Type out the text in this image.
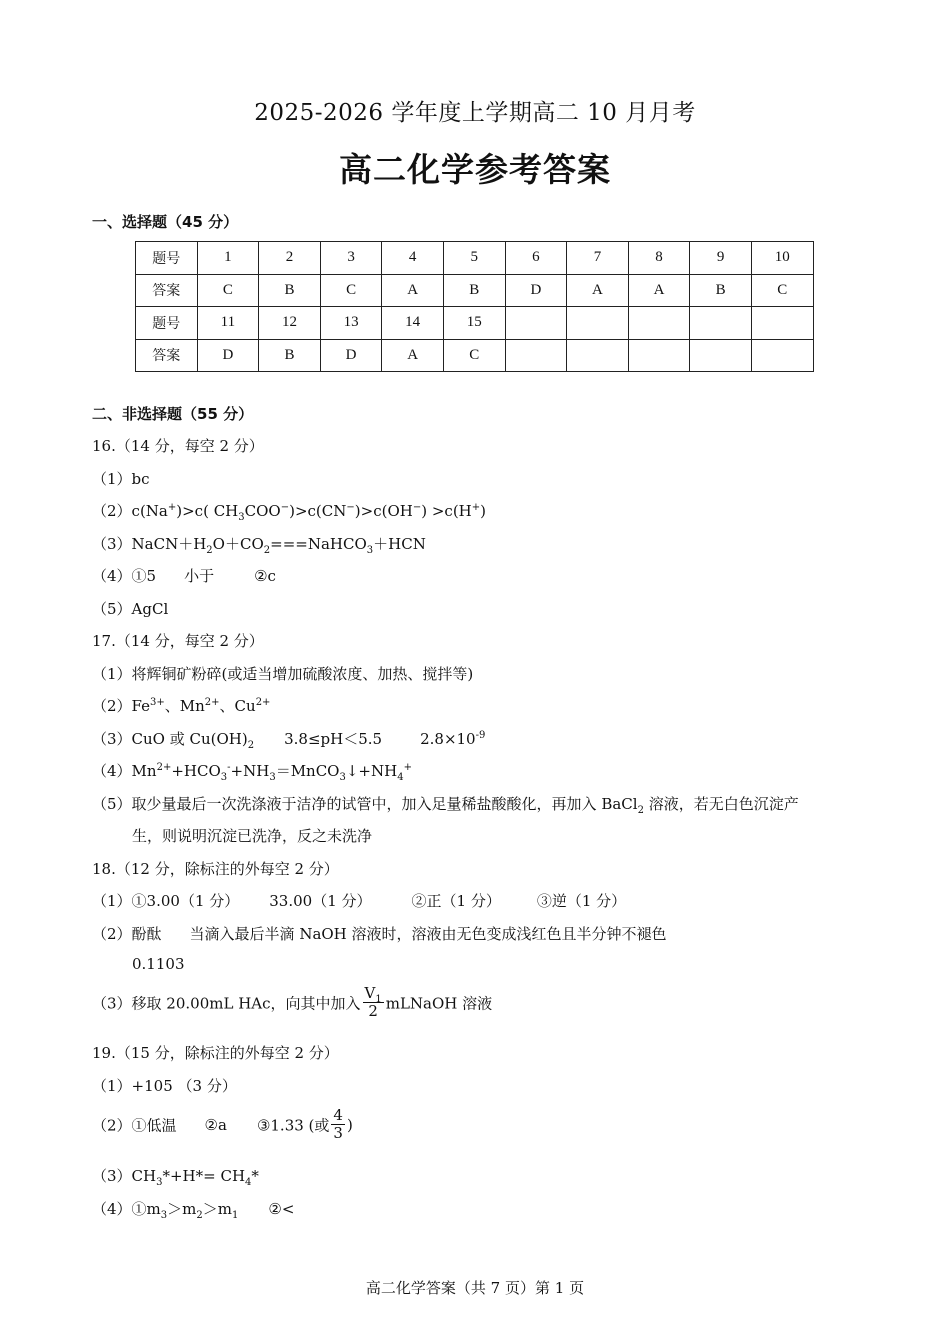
2025-2026 学年度上学期高二 10 月月考
高二化学参考答案
一、选择题（45 分）
题号	1	2	3	4	5	6	7	8	9	10
答案	C	B	C	A	B	D	A	A	B	C
题号	11	12	13	14	15					
答案	D	B	D	A	C					
二、非选择题（55 分）
16.（14 分，每空 2 分）
（1）bc
（2）c(Na+)>c( $CH_3COO^-)>c(CN^-)>c(OH^-) >c(H^+)$
$(3)NaCN+H_2O+CO_2===NaHCO_3+HCN$
（4）①5 小于	②c
（5）AgCl
17.（14 分，每空 2 分）
（1）将辉铜矿粉碎(或适当增加硫酸浓度、加热、搅拌等)
$(2)Fe^{3+}$、$Mn^{2+}$、$Cu^{2+}$
（3）CuO 或 $Cu(OH)_2$ 3.8≤pH＜5.5	$2.8\times 10^{-9}$
$(4)Mn^{2+}+HCO_3^-+NH_3=MnCO_3↓+NH_4^+$
（5）取少量最后一次洗涤液于洁净的试管中，加入足量稀盐酸酸化，再加入 BaCl$_2$ 溶液，若无白色沉淀产
生，则说明沉淀已洗净，反之未洗净
18.（12 分，除标注的外每空 2 分）
（1）①3.00（1 分） 33.00（1 分）	②正（1 分） ③逆（1 分）
（2）酚酞 当滴入最后半滴 NaOH 溶液时，溶液由无色变成浅红色且半分钟不褪色
0.1103
（3）移取 20.00mL HAc，向其中加入 $\frac{V_1}{2}$ mLNaOH 溶液
19.（15 分，除标注的外每空 2 分）
（1）+105 （3 分）
（2）①低温 ②a ③1.33 (或 $\frac{4}{3}$ )
$(3)CH_3*+H*= CH_4*$
$(4)①m_3>m_2>m_1$ ②<
高二化学答案（共 7 页）第 1 页
